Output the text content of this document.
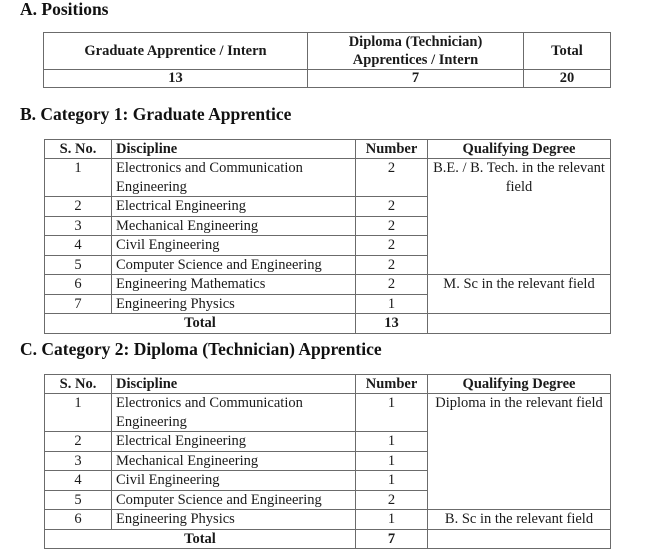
A. Positions
Graduate Apprentice / Intern	Diploma (Technician) Apprentices / Intern	Total
13	7	20
B. Category 1: Graduate Apprentice
S. No.	Discipline	Number	Qualifying Degree
1	Electronics and Communication Engineering	2	B.E. / B. Tech. in the relevant field
2	Electrical Engineering	2	
3	Mechanical Engineering	2	
4	Civil Engineering	2	
5	Computer Science and Engineering	2	
6	Engineering Mathematics	2	M. Sc in the relevant field
7	Engineering Physics	1	
Total		13	
C. Category 2: Diploma (Technician) Apprentice
S. No.	Discipline	Number	Qualifying Degree
1	Electronics and Communication Engineering	1	Diploma in the relevant field
2	Electrical Engineering	1	
3	Mechanical Engineering	1	
4	Civil Engineering	1	
5	Computer Science and Engineering	2	
6	Engineering Physics	1	B. Sc in the relevant field
Total		7	
